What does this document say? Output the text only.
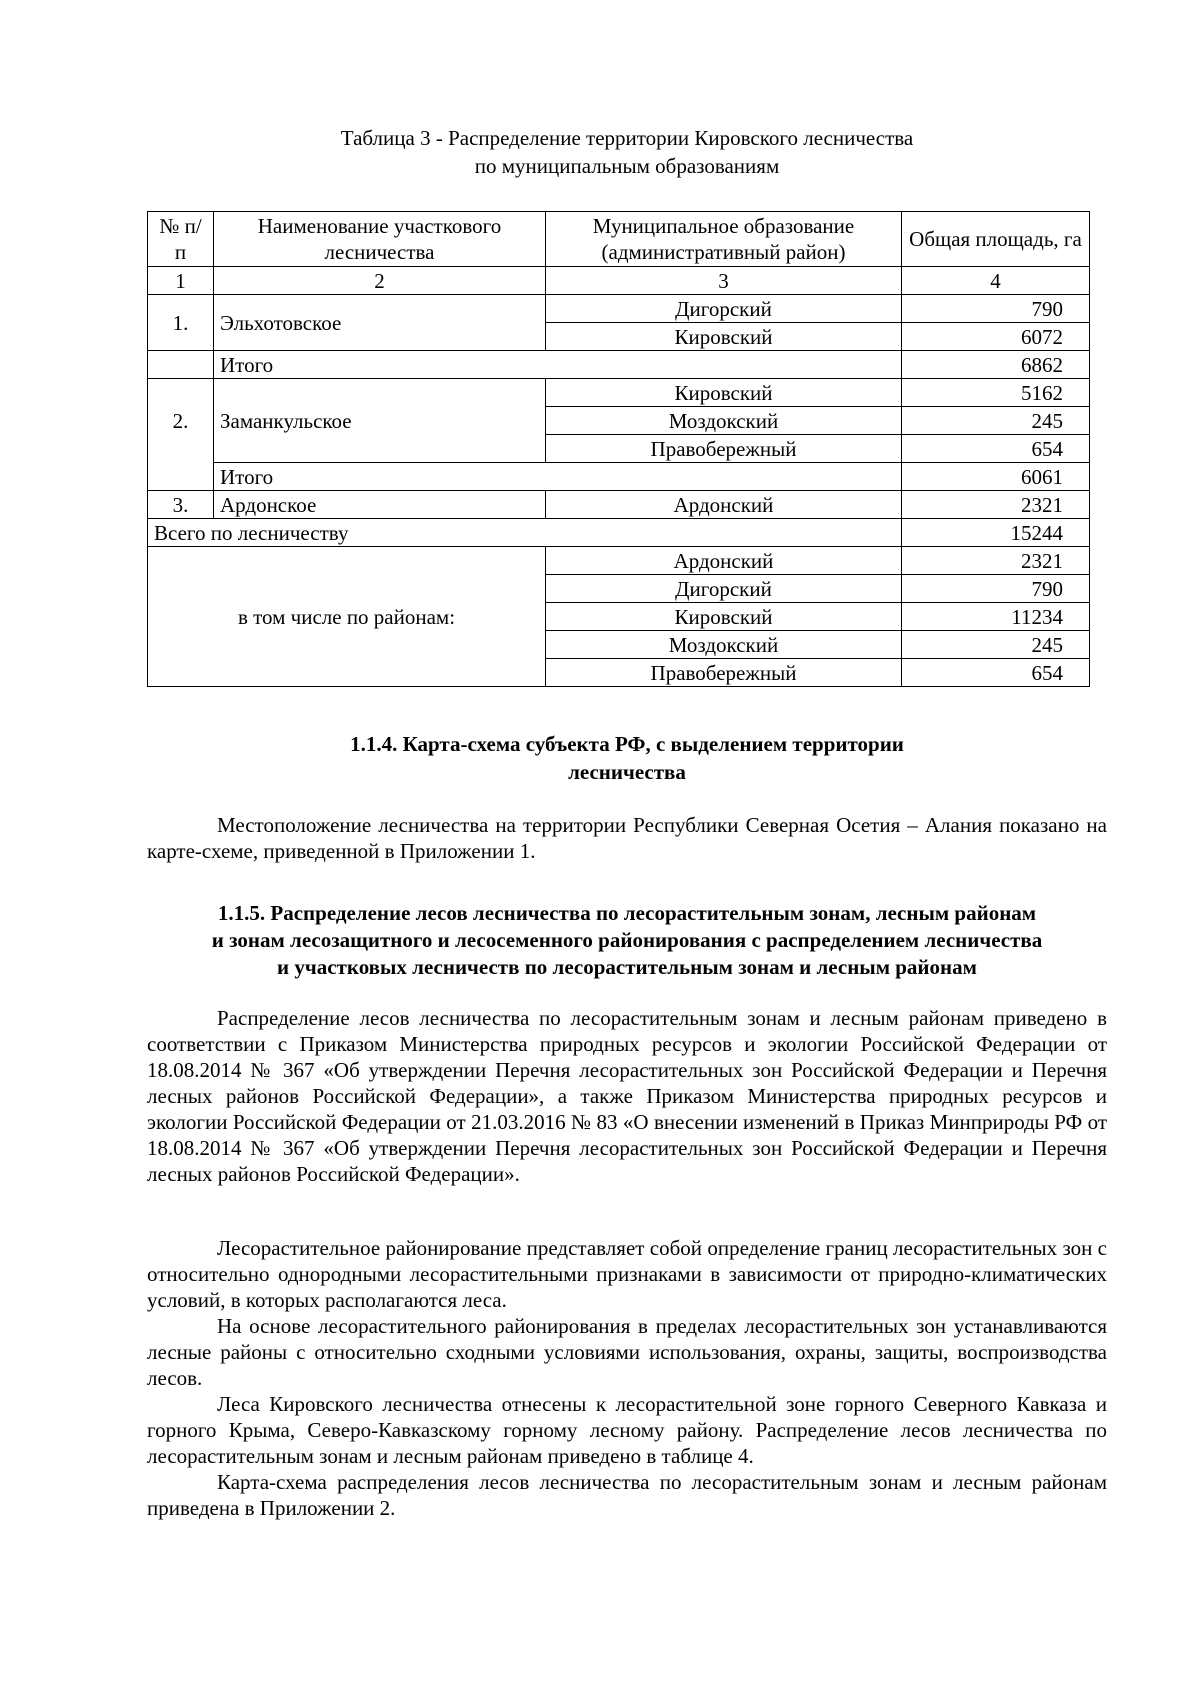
Таблица 3 - Распределение территории Кировского лесничества
по муниципальным образованиям
№ п/п	Наименование участкового лесничества	Муниципальное образование (административный район)	Общая площадь, га
1	2	3	4
1.	Эльхотовское	Дигорский	790
		Кировский	6072
	Итого		6862
2.	Заманкульское	Кировский	5162
		Моздокский	245
		Правобережный	654
	Итого		6061
3.	Ардонское	Ардонский	2321
Всего по лесничеству			15244
в том числе по районам:		Ардонский	2321
		Дигорский	790
		Кировский	11234
		Моздокский	245
		Правобережный	654
1.1.4. Карта-схема субъекта РФ, с выделением территории
лесничества
Местоположение лесничества на территории Республики Северная Осетия – Алания показано на карте-схеме, приведенной в Приложении 1.
1.1.5. Распределение лесов лесничества по лесорастительным зонам, лесным районам
и зонам лесозащитного и лесосеменного районирования с распределением лесничества
и участковых лесничеств по лесорастительным зонам и лесным районам
Распределение лесов лесничества по лесорастительным зонам и лесным районам приведено в соответствии с Приказом Министерства природных ресурсов и экологии Российской Федерации от 18.08.2014 № 367 «Об утверждении Перечня лесорастительных зон Российской Федерации и Перечня лесных районов Российской Федерации», а также Приказом Министерства природных ресурсов и экологии Российской Федерации от 21.03.2016 № 83 «О внесении изменений в Приказ Минприроды РФ от 18.08.2014 № 367 «Об утверждении Перечня лесорастительных зон Российской Федерации и Перечня лесных районов Российской Федерации».
Лесорастительное районирование представляет собой определение границ лесорастительных зон с относительно однородными лесорастительными признаками в зависимости от природно-климатических условий, в которых располагаются леса.
На основе лесорастительного районирования в пределах лесорастительных зон устанавливаются лесные районы с относительно сходными условиями использования, охраны, защиты, воспроизводства лесов.
Леса Кировского лесничества отнесены к лесорастительной зоне горного Северного Кавказа и горного Крыма, Северо-Кавказскому горному лесному району. Распределение лесов лесничества по лесорастительным зонам и лесным районам приведено в таблице 4.
Карта-схема распределения лесов лесничества по лесорастительным зонам и лесным районам приведена в Приложении 2.
